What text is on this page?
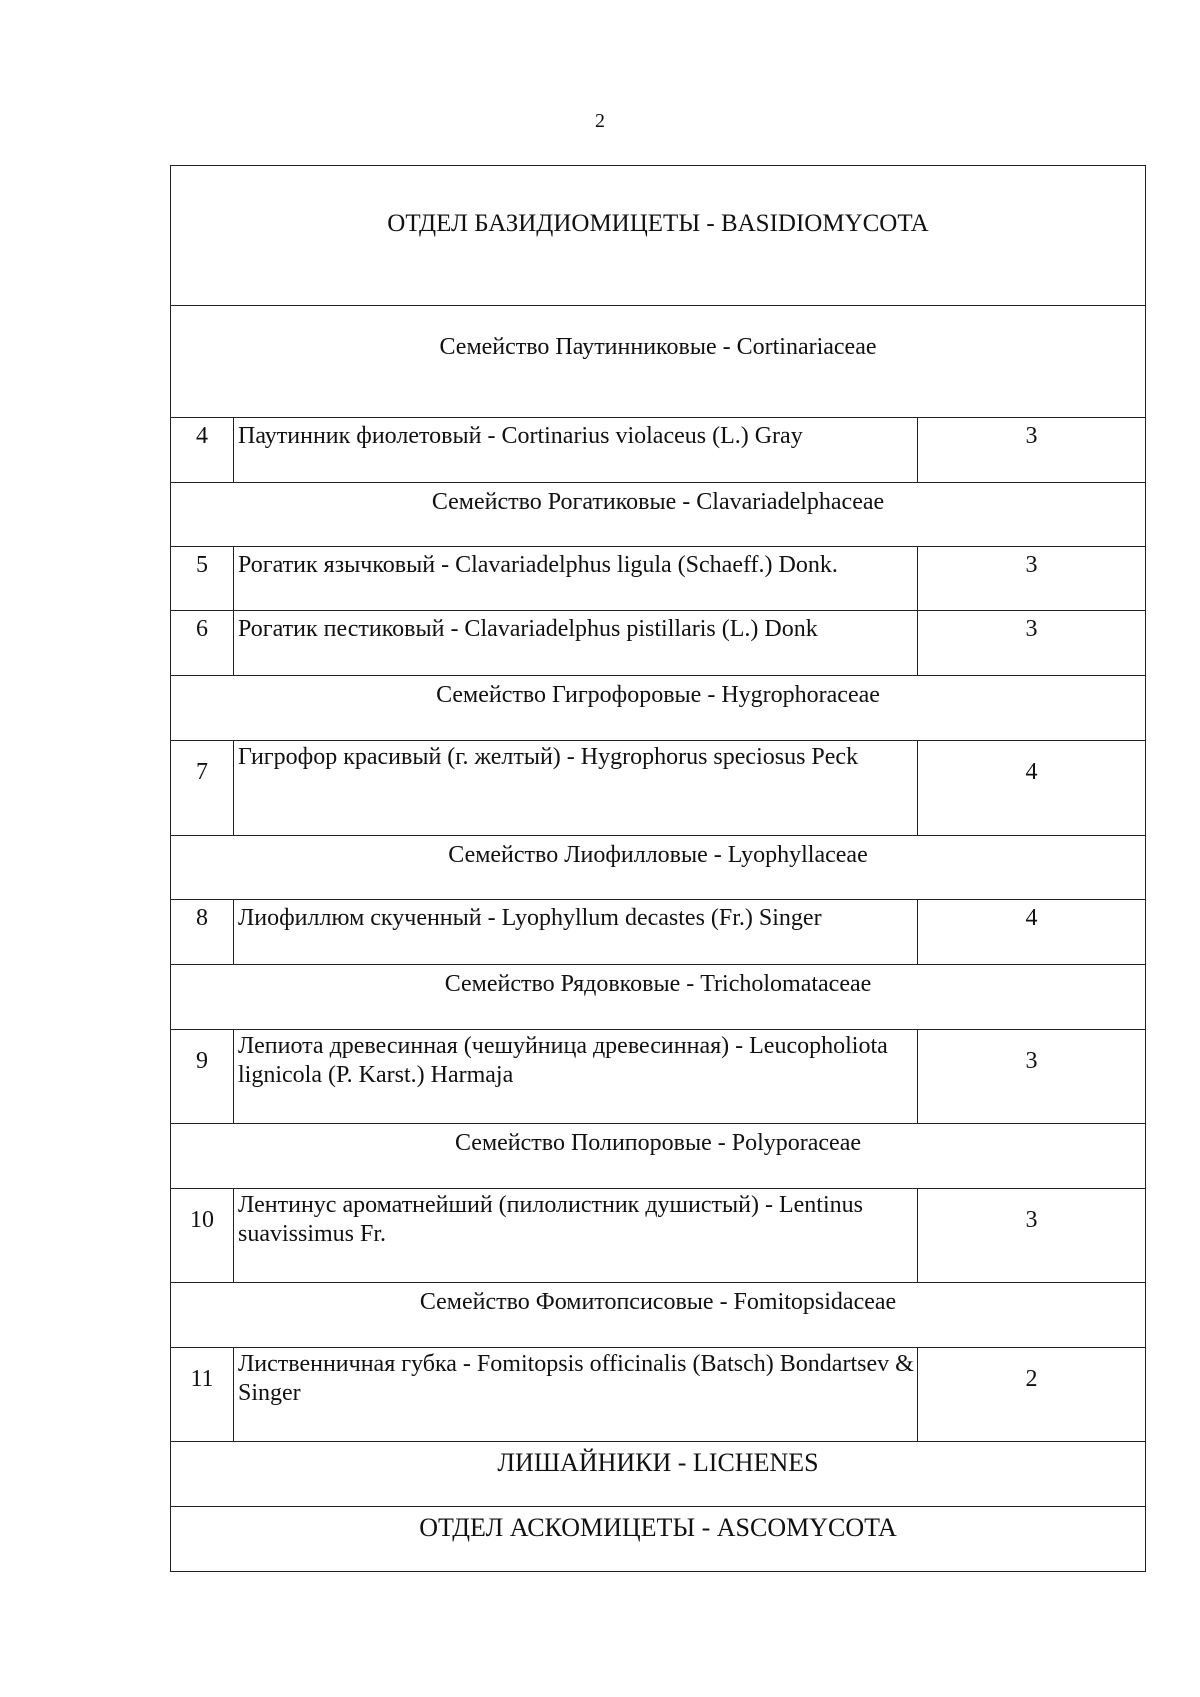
2
ОТДЕЛ БАЗИДИОМИЦЕТЫ - BASIDIOMYCOTA		
Семейство Паутинниковые - Cortinariaceae		
4	Паутинник фиолетовый - Cortinarius violaceus (L.) Gray	3
Семейство Рогатиковые - Clavariadelphaceae		
5	Рогатик язычковый - Clavariadelphus ligula (Schaeff.) Donk.	3
6	Рогатик пестиковый - Clavariadelphus pistillaris (L.) Donk	3
Семейство Гигрофоровые - Hygrophoraceae		
7	Гигрофор красивый (г. желтый) - Hygrophorus speciosus Peck	4
Семейство Лиофилловые - Lyophyllaceae		
8	Лиофиллюм скученный - Lyophyllum decastes (Fr.) Singer	4
Семейство Рядовковые - Tricholomataceae		
9	Лепиота древесинная (чешуйница древесинная) - Leucopholiota lignicola (P. Karst.) Harmaja	3
Семейство Полипоровые - Polyporaceae		
10	Лентинус ароматнейший (пилолистник душистый) - Lentinus suavissimus Fr.	3
Семейство Фомитопсисовые - Fomitopsidaceae		
11	Лиственничная губка - Fomitopsis officinalis (Batsch) Bondartsev & Singer	2
ЛИШАЙНИКИ - LICHENES		
ОТДЕЛ АСКОМИЦЕТЫ - ASCOMYCOTA		
